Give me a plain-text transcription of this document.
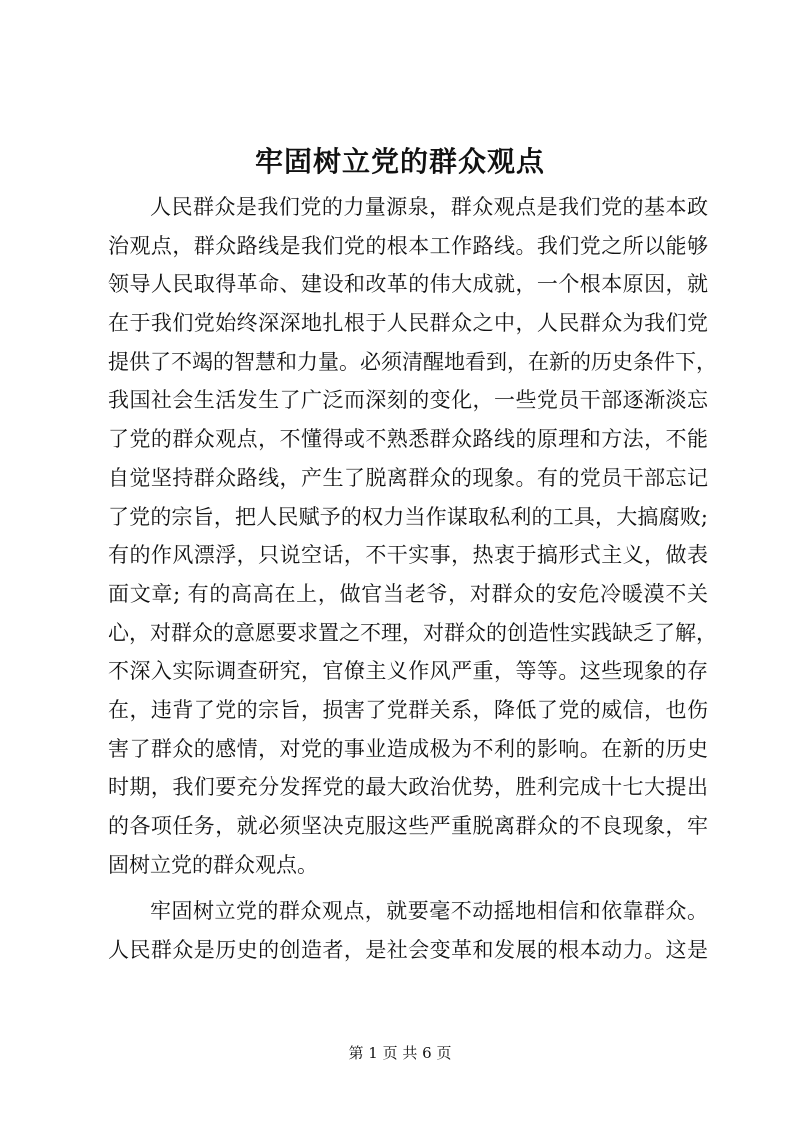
牢固树立党的群众观点
人民群众是我们党的力量源泉，群众观点是我们党的基本政
治观点，群众路线是我们党的根本工作路线。我们党之所以能够
领导人民取得革命、建设和改革的伟大成就，一个根本原因，就
在于我们党始终深深地扎根于人民群众之中，人民群众为我们党
提供了不竭的智慧和力量。必须清醒地看到，在新的历史条件下，
我国社会生活发生了广泛而深刻的变化，一些党员干部逐渐淡忘
了党的群众观点，不懂得或不熟悉群众路线的原理和方法，不能
自觉坚持群众路线，产生了脱离群众的现象。有的党员干部忘记
了党的宗旨，把人民赋予的权力当作谋取私利的工具，大搞腐败;
有的作风漂浮，只说空话，不干实事，热衷于搞形式主义，做表
面文章; 有的高高在上，做官当老爷，对群众的安危冷暖漠不关
心，对群众的意愿要求置之不理，对群众的创造性实践缺乏了解，
不深入实际调查研究，官僚主义作风严重，等等。这些现象的存
在，违背了党的宗旨，损害了党群关系，降低了党的威信，也伤
害了群众的感情，对党的事业造成极为不利的影响。在新的历史
时期，我们要充分发挥党的最大政治优势，胜利完成十七大提出
的各项任务，就必须坚决克服这些严重脱离群众的不良现象，牢
固树立党的群众观点。
牢固树立党的群众观点，就要毫不动摇地相信和依靠群众。
人民群众是历史的创造者，是社会变革和发展的根本动力。这是
第 1 页 共 6 页
